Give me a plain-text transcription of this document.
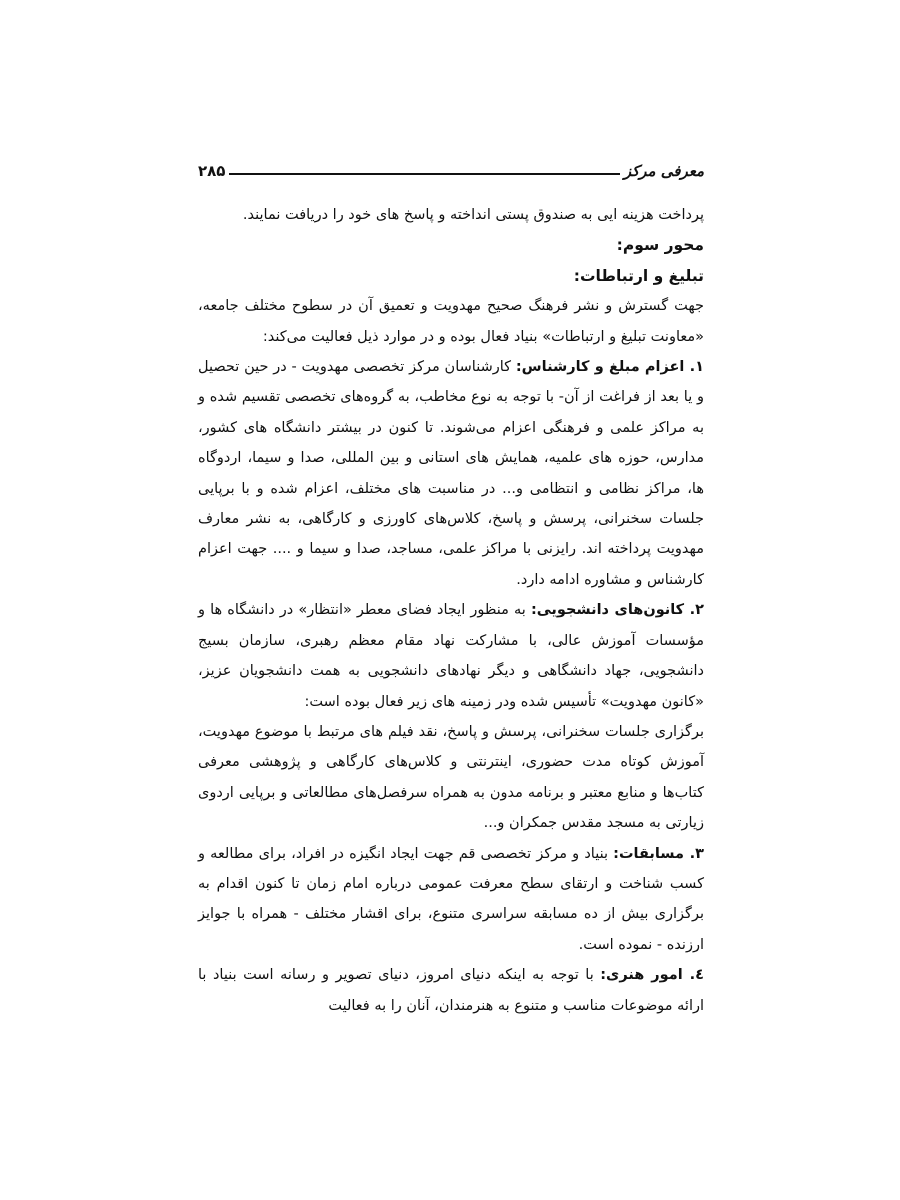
معرفی مرکز
۲۸۵

پرداخت هزینه ایی به صندوق پستی انداخته و پاسخ های خود را دریافت نمایند.

محور سوم:

تبلیغ و ارتباطات:

جهت گسترش و نشر فرهنگ صحیح مهدویت و تعمیق آن در سطوح مختلف جامعه، «معاونت تبلیغ و ارتباطات» بنیاد فعال بوده و در موارد ذیل فعالیت می‌کند:

۱. اعزام مبلغ و کارشناس: کارشناسان مرکز تخصصی مهدویت - در حین تحصیل و یا بعد از فراغت از آن- با توجه به نوع مخاطب، به گروه‌های تخصصی تقسیم شده و به مراکز علمی و فرهنگی اعزام می‌شوند. تا کنون در بیشتر دانشگاه های کشور، مدارس، حوزه های علمیه، همایش های استانی و بین المللی، صدا و سیما، اردوگاه ها، مراکز نظامی و انتظامی و... در مناسبت های مختلف، اعزام شده و با برپایی جلسات سخنرانی، پرسش و پاسخ، کلاس‌های کاورزی و کارگاهی، به نشر معارف مهدویت پرداخته اند. رایزنی با مراکز علمی، مساجد، صدا و سیما و .... جهت اعزام کارشناس و مشاوره ادامه دارد.

۲. کانون‌های دانشجویی: به منظور ایجاد فضای معطر «انتظار» در دانشگاه ها و مؤسسات آموزش عالی، با مشارکت نهاد مقام معظم رهبری، سازمان بسیج دانشجویی، جهاد دانشگاهی و دیگر نهادهای دانشجویی به همت دانشجویان عزیز، «کانون مهدویت» تأسیس شده ودر زمینه های زیر فعال بوده است:

برگزاری جلسات سخنرانی، پرسش و پاسخ، نقد فیلم های مرتبط با موضوع مهدویت، آموزش کوتاه مدت حضوری، اینترنتی و کلاس‌های کارگاهی و پژوهشی معرفی کتاب‌ها و منابع معتبر و برنامه مدون به همراه سرفصل‌های مطالعاتی و برپایی اردوی زیارتی به مسجد مقدس جمکران و...

۳. مسابقات: بنیاد و مرکز تخصصی قم جهت ایجاد انگیزه در افراد، برای مطالعه و کسب شناخت و ارتقای سطح معرفت عمومی درباره امام زمان تا کنون اقدام به برگزاری بیش از ده مسابقه سراسری متنوع، برای اقشار مختلف - همراه با جوایز ارزنده - نموده است.

٤. امور هنری: با توجه به اینکه دنیای امروز، دنیای تصویر و رسانه است بنیاد با ارائه موضوعات مناسب و متنوع به هنرمندان، آنان را به فعالیت
